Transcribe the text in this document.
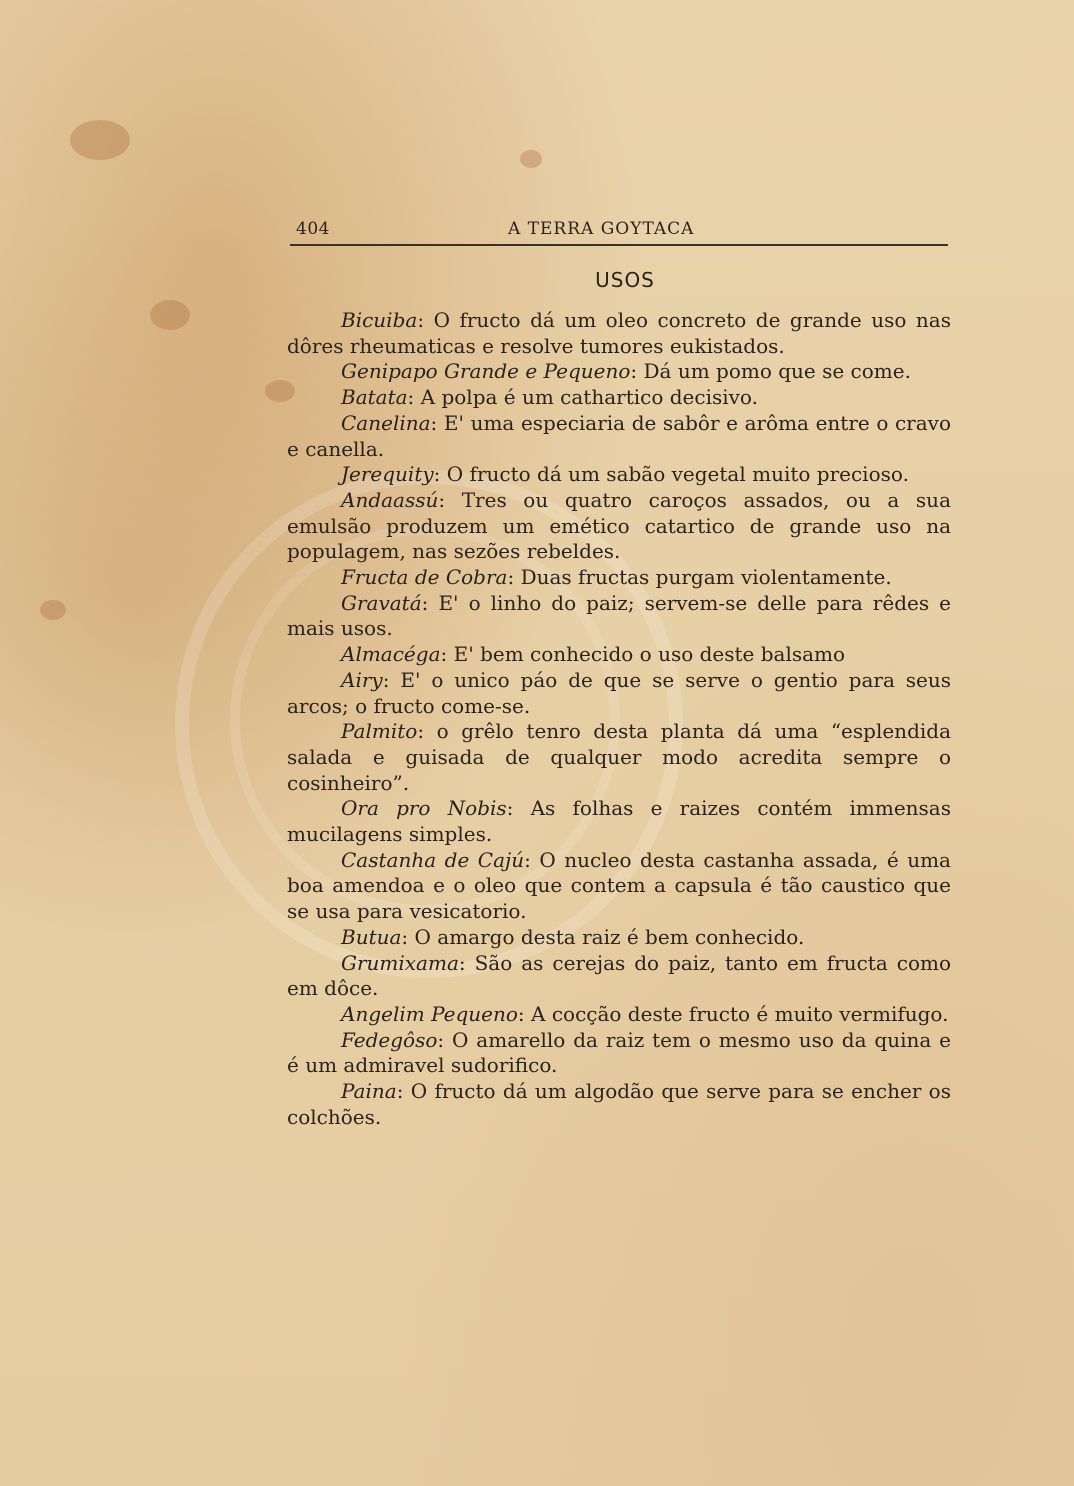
404	A TERRA GOYTACA
USOS

Bicuiba: O fructo dá um oleo concreto de grande uso nas dôres rheumaticas e resolve tumores eukistados.

Genipapo Grande e Pequeno: Dá um pomo que se come.

Batata: A polpa é um cathartico decisivo.

Canelina: E' uma especiaria de sabôr e arôma entre o cravo e canella.

Jerequity: O fructo dá um sabão vegetal muito precioso.

Andaassú: Tres ou quatro caroços assados, ou a sua emulsão produzem um emético catartico de grande uso na populagem, nas sezões rebeldes.

Fructa de Cobra: Duas fructas purgam violentamente.

Gravatá: E' o linho do paiz; servem-se delle para rêdes e mais usos.

Almacéga: E' bem conhecido o uso deste balsamo

Airy: E' o unico páo de que se serve o gentio para seus arcos; o fructo come-se.

Palmito: o grêlo tenro desta planta dá uma “esplendida salada e guisada de qualquer modo acredita sempre o cosinheiro”.

Ora pro Nobis: As folhas e raizes contém immensas mucilagens simples.

Castanha de Cajú: O nucleo desta castanha assada, é uma boa amendoa e o oleo que contem a capsula é tão caustico que se usa para vesicatorio.

Butua: O amargo desta raiz é bem conhecido.

Grumixama: São as cerejas do paiz, tanto em fructa como em dôce.

Angelim Pequeno: A cocção deste fructo é muito vermifugo.

Fedegôso: O amarello da raiz tem o mesmo uso da quina e é um admiravel sudorifico.

Paina: O fructo dá um algodão que serve para se encher os colchões.
